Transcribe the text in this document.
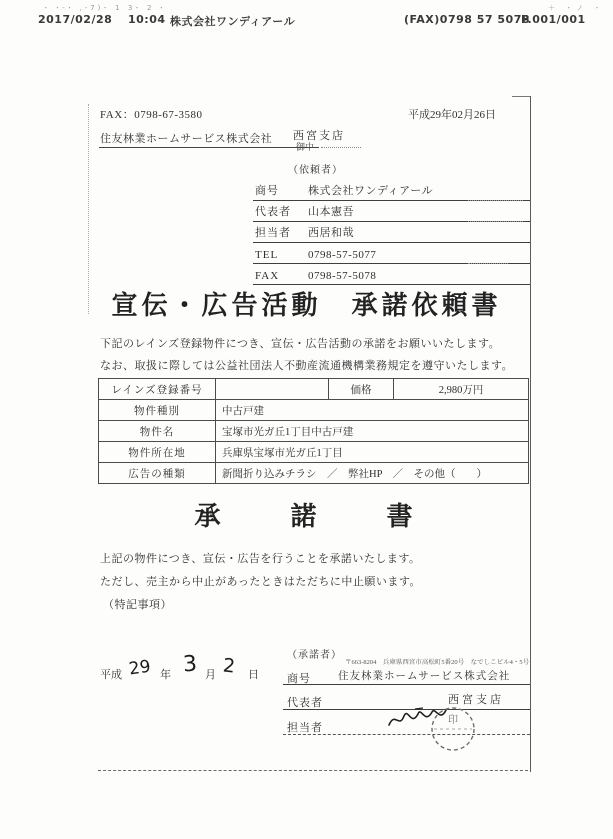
･ ･‐･ ,‐7)･ 1 3･ 2 ･	＋ ・ノ ・
2017/02/28 10:04 株式会社ワンディアール	(FAX)0798 57 5078
P.001/001
FAX：0798-67-3580	平成29年02月26日
住友林業ホームサービス株式会社 西宮支店
御中
（依頼者）
商号	株式会社ワンディアール
代表者 山本憲吾
担当者 西居和哉
TEL	0798-57-5077
FAX	0798-57-5078
宣伝・広告活動　承諾依頼書
下記のレインズ登録物件につき、宣伝・広告活動の承諾をお願いいたします。
なお、取扱に際しては公益社団法人不動産流通機構業務規定を遵守いたします。
レインズ登録番号		価格	2,980万円
物件種別	中古戸建		
物件名	宝塚市光ガ丘1丁目中古戸建		
物件所在地	兵庫県宝塚市光ガ丘1丁目		
広告の種類	新聞折り込みチラシ　／　弊社HP　／　その他（　　）		
承　　諾　　書
上記の物件につき、宣伝・広告を行うことを承諾いたします。
ただし、売主から中止があったときはただちに中止願います。
（特記事項）
平成 29 年 3 月 2 日
（承諾者）
〒663-8204　兵庫県西宮市高松町5番20号　なでしこビル4・5号
商号	住友林業ホームサービス株式会社
代表者	西宮支店
担当者
印
